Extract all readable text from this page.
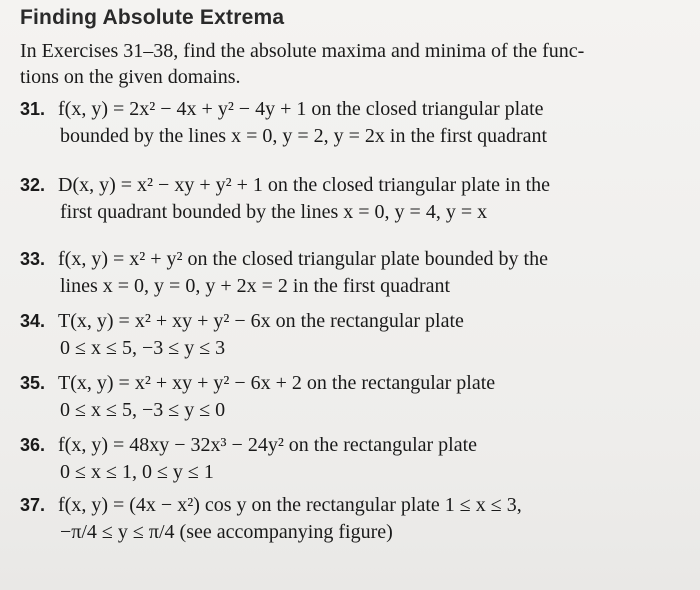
Finding Absolute Extrema
In Exercises 31–38, find the absolute maxima and minima of the func-
tions on the given domains.
31. f(x, y) = 2x² − 4x + y² − 4y + 1 on the closed triangular plate
bounded by the lines x = 0, y = 2, y = 2x in the first quadrant
32. D(x, y) = x² − xy + y² + 1 on the closed triangular plate in the
first quadrant bounded by the lines x = 0, y = 4, y = x
33. f(x, y) = x² + y² on the closed triangular plate bounded by the
lines x = 0, y = 0, y + 2x = 2 in the first quadrant
34. T(x, y) = x² + xy + y² − 6x on the rectangular plate
0 ≤ x ≤ 5, −3 ≤ y ≤ 3
35. T(x, y) = x² + xy + y² − 6x + 2 on the rectangular plate
0 ≤ x ≤ 5, −3 ≤ y ≤ 0
36. f(x, y) = 48xy − 32x³ − 24y² on the rectangular plate
0 ≤ x ≤ 1, 0 ≤ y ≤ 1
37. f(x, y) = (4x − x²) cos y on the rectangular plate 1 ≤ x ≤ 3,
−π/4 ≤ y ≤ π/4 (see accompanying figure)
